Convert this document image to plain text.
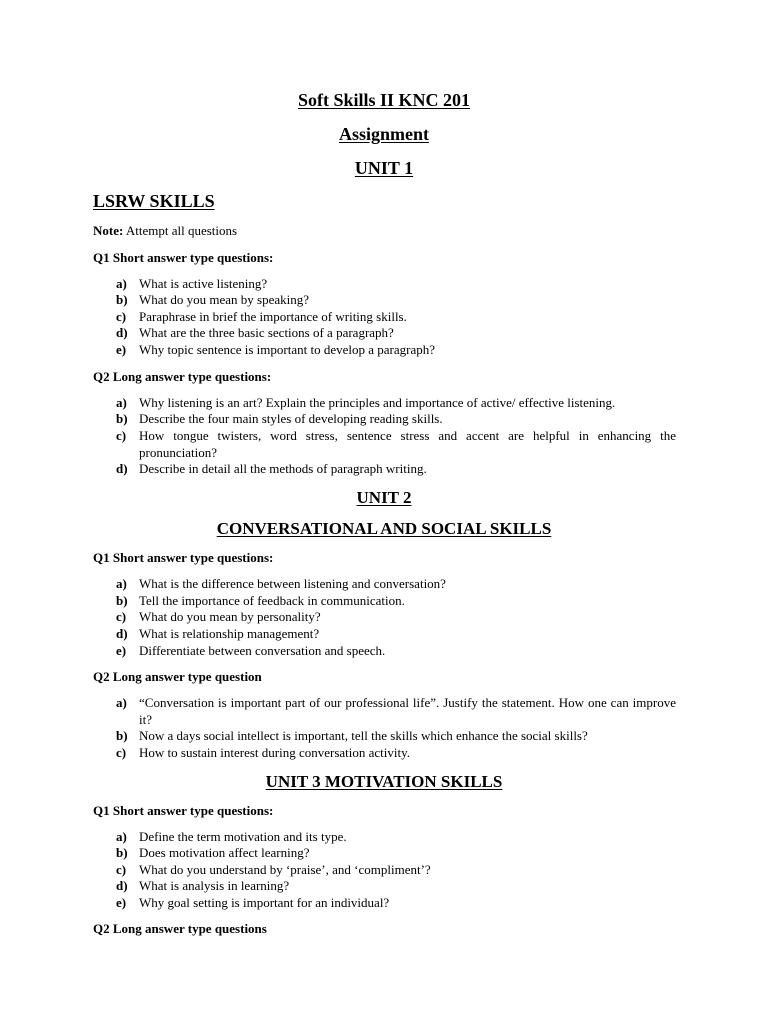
Soft Skills II KNC 201
Assignment
UNIT 1
LSRW SKILLS
Note: Attempt all questions
Q1 Short answer type questions:
a) What is active listening?
b) What do you mean by speaking?
c) Paraphrase in brief the importance of writing skills.
d) What are the three basic sections of a paragraph?
e) Why topic sentence is important to develop a paragraph?
Q2 Long answer type questions:
a) Why listening is an art? Explain the principles and importance of active/ effective listening.
b) Describe the four main styles of developing reading skills.
c) How tongue twisters, word stress, sentence stress and accent are helpful in enhancing the pronunciation?
d) Describe in detail all the methods of paragraph writing.
UNIT 2
CONVERSATIONAL AND SOCIAL SKILLS
Q1 Short answer type questions:
a) What is the difference between listening and conversation?
b) Tell the importance of feedback in communication.
c) What do you mean by personality?
d) What is relationship management?
e) Differentiate between conversation and speech.
Q2 Long answer type question
a) “Conversation is important part of our professional life”. Justify the statement. How one can improve it?
b) Now a days social intellect is important, tell the skills which enhance the social skills?
c) How to sustain interest during conversation activity.
UNIT 3 MOTIVATION SKILLS
Q1 Short answer type questions:
a) Define the term motivation and its type.
b) Does motivation affect learning?
c) What do you understand by ‘praise’, and ‘compliment’?
d) What is analysis in learning?
e) Why goal setting is important for an individual?
Q2 Long answer type questions
